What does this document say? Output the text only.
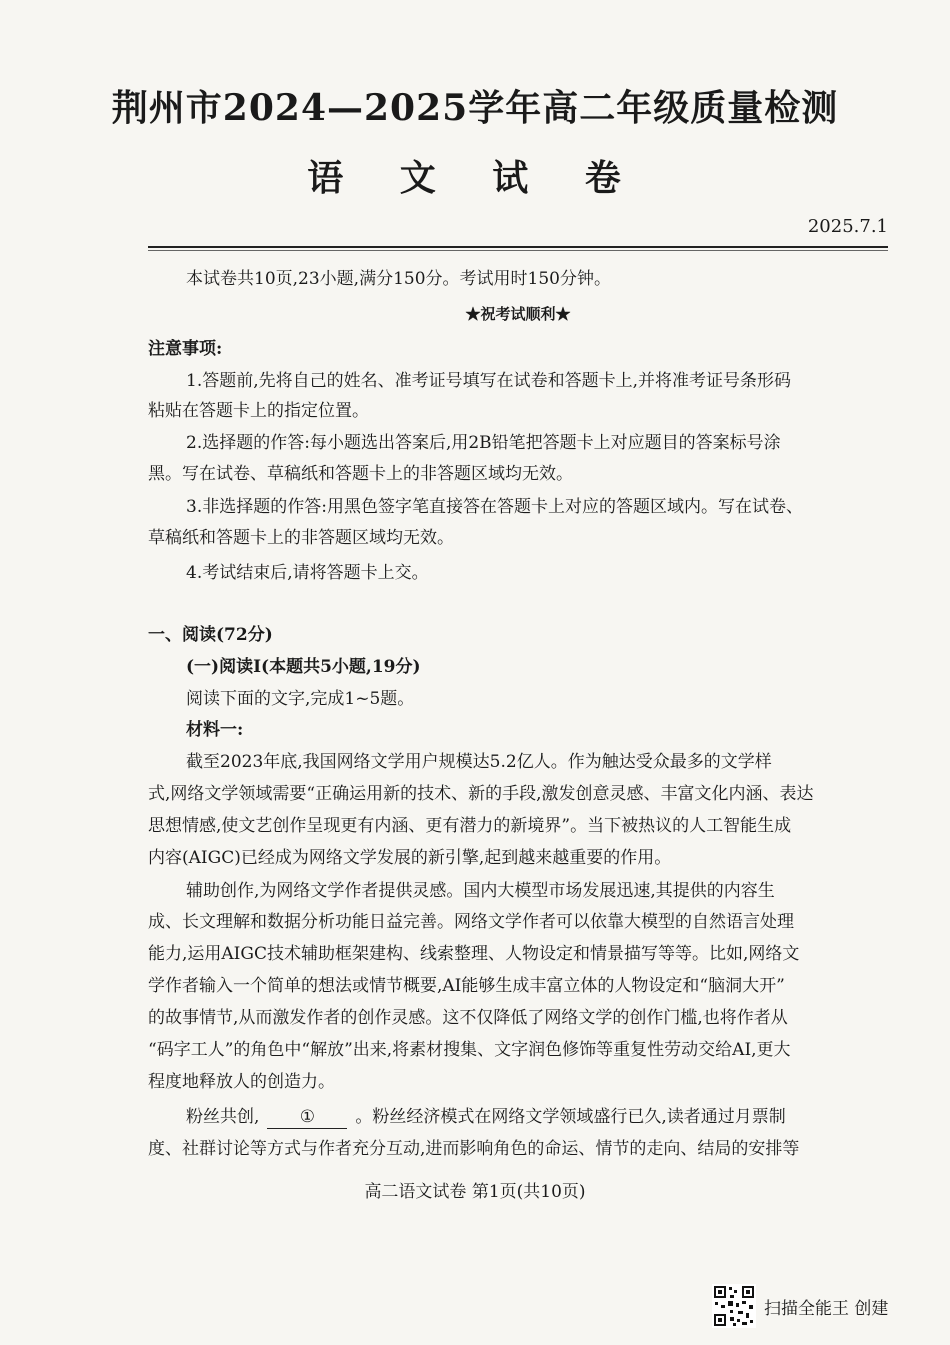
荆州市2024—2025学年高二年级质量检测
语 文 试 卷
2025.7.1
本试卷共10页,23小题,满分150分。考试用时150分钟。
★祝考试顺利★
注意事项:
1.答题前,先将自己的姓名、准考证号填写在试卷和答题卡上,并将准考证号条形码
粘贴在答题卡上的指定位置。
2.选择题的作答:每小题选出答案后,用2B铅笔把答题卡上对应题目的答案标号涂
黑。写在试卷、草稿纸和答题卡上的非答题区域均无效。
3.非选择题的作答:用黑色签字笔直接答在答题卡上对应的答题区域内。写在试卷、
草稿纸和答题卡上的非答题区域均无效。
4.考试结束后,请将答题卡上交。
一、阅读(72分)
(一)阅读Ⅰ(本题共5小题,19分)
阅读下面的文字,完成1~5题。
材料一:
截至2023年底,我国网络文学用户规模达5.2亿人。作为触达受众最多的文学样
式,网络文学领域需要“正确运用新的技术、新的手段,激发创意灵感、丰富文化内涵、表达
思想情感,使文艺创作呈现更有内涵、更有潜力的新境界”。当下被热议的人工智能生成
内容(AIGC)已经成为网络文学发展的新引擎,起到越来越重要的作用。
辅助创作,为网络文学作者提供灵感。国内大模型市场发展迅速,其提供的内容生
成、长文理解和数据分析功能日益完善。网络文学作者可以依靠大模型的自然语言处理
能力,运用AIGC技术辅助框架建构、线索整理、人物设定和情景描写等等。比如,网络文
学作者输入一个简单的想法或情节概要,AI能够生成丰富立体的人物设定和“脑洞大开”
的故事情节,从而激发作者的创作灵感。这不仅降低了网络文学的创作门槛,也将作者从
“码字工人”的角色中“解放”出来,将素材搜集、文字润色修饰等重复性劳动交给AI,更大
程度地释放人的创造力。
粉丝共创, ① 。粉丝经济模式在网络文学领域盛行已久,读者通过月票制
度、社群讨论等方式与作者充分互动,进而影响角色的命运、情节的走向、结局的安排等
高二语文试卷 第1页(共10页)
扫描全能王 创建
